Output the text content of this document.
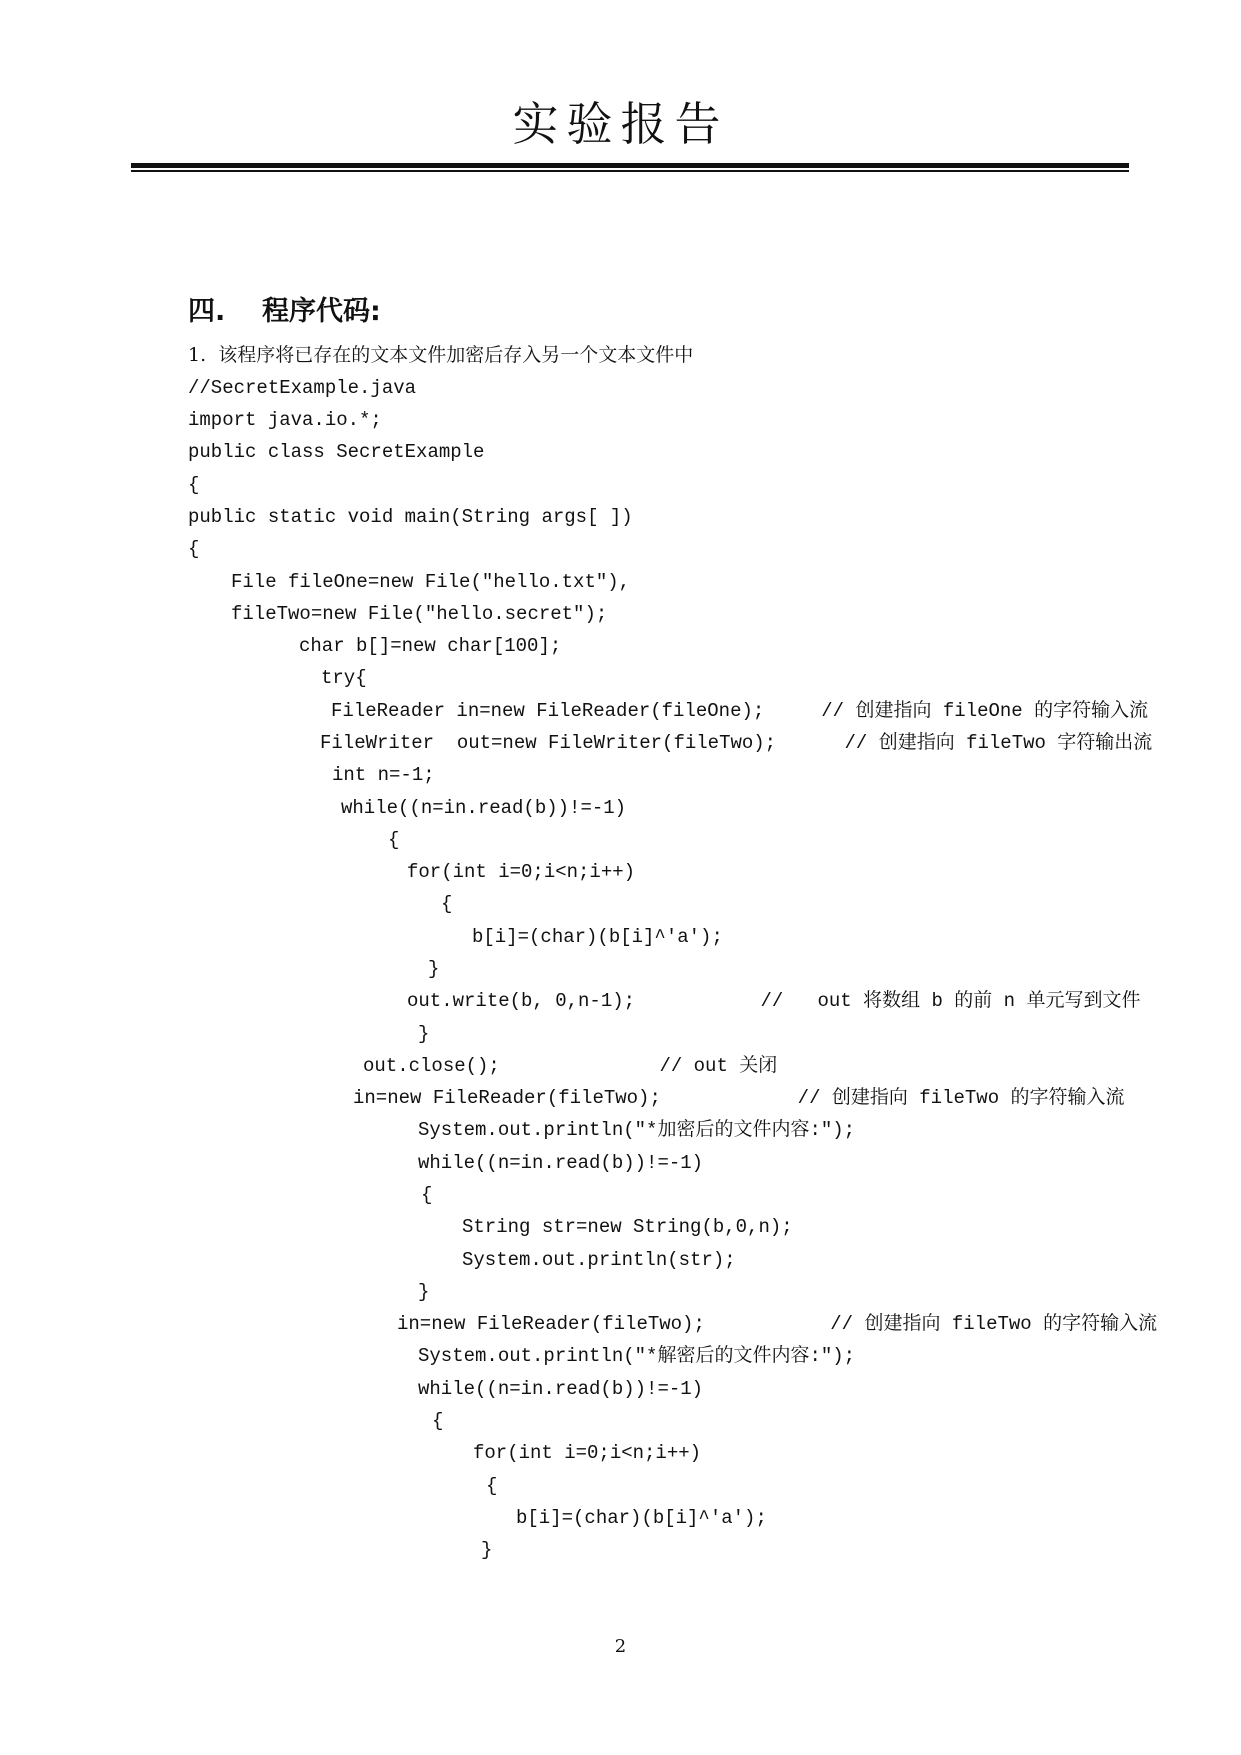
实验报告
四. 程序代码:
1.  该程序将已存在的文本文件加密后存入另一个文本文件中
//SecretExample.java
import java.io.*;
public class SecretExample
{
public static void main(String args[ ])
{
File fileOne=new File("hello.txt"),
fileTwo=new File("hello.secret");
char b[]=new char[100];
try{
FileReader in=new FileReader(fileOne);     // 创建指向 fileOne 的字符输入流
FileWriter  out=new FileWriter(fileTwo);      // 创建指向 fileTwo 字符输出流
int n=-1;
while((n=in.read(b))!=-1)
{
for(int i=0;i<n;i++)
{
b[i]=(char)(b[i]^'a');
}
out.write(b, 0,n-1);           //   out 将数组 b 的前 n 单元写到文件
}
out.close();              // out 关闭
in=new FileReader(fileTwo);            // 创建指向 fileTwo 的字符输入流
System.out.println("*加密后的文件内容:");
while((n=in.read(b))!=-1)
{
String str=new String(b,0,n);
System.out.println(str);
}
in=new FileReader(fileTwo);           // 创建指向 fileTwo 的字符输入流
System.out.println("*解密后的文件内容:");
while((n=in.read(b))!=-1)
{
for(int i=0;i<n;i++)
{
b[i]=(char)(b[i]^'a');
}
2
